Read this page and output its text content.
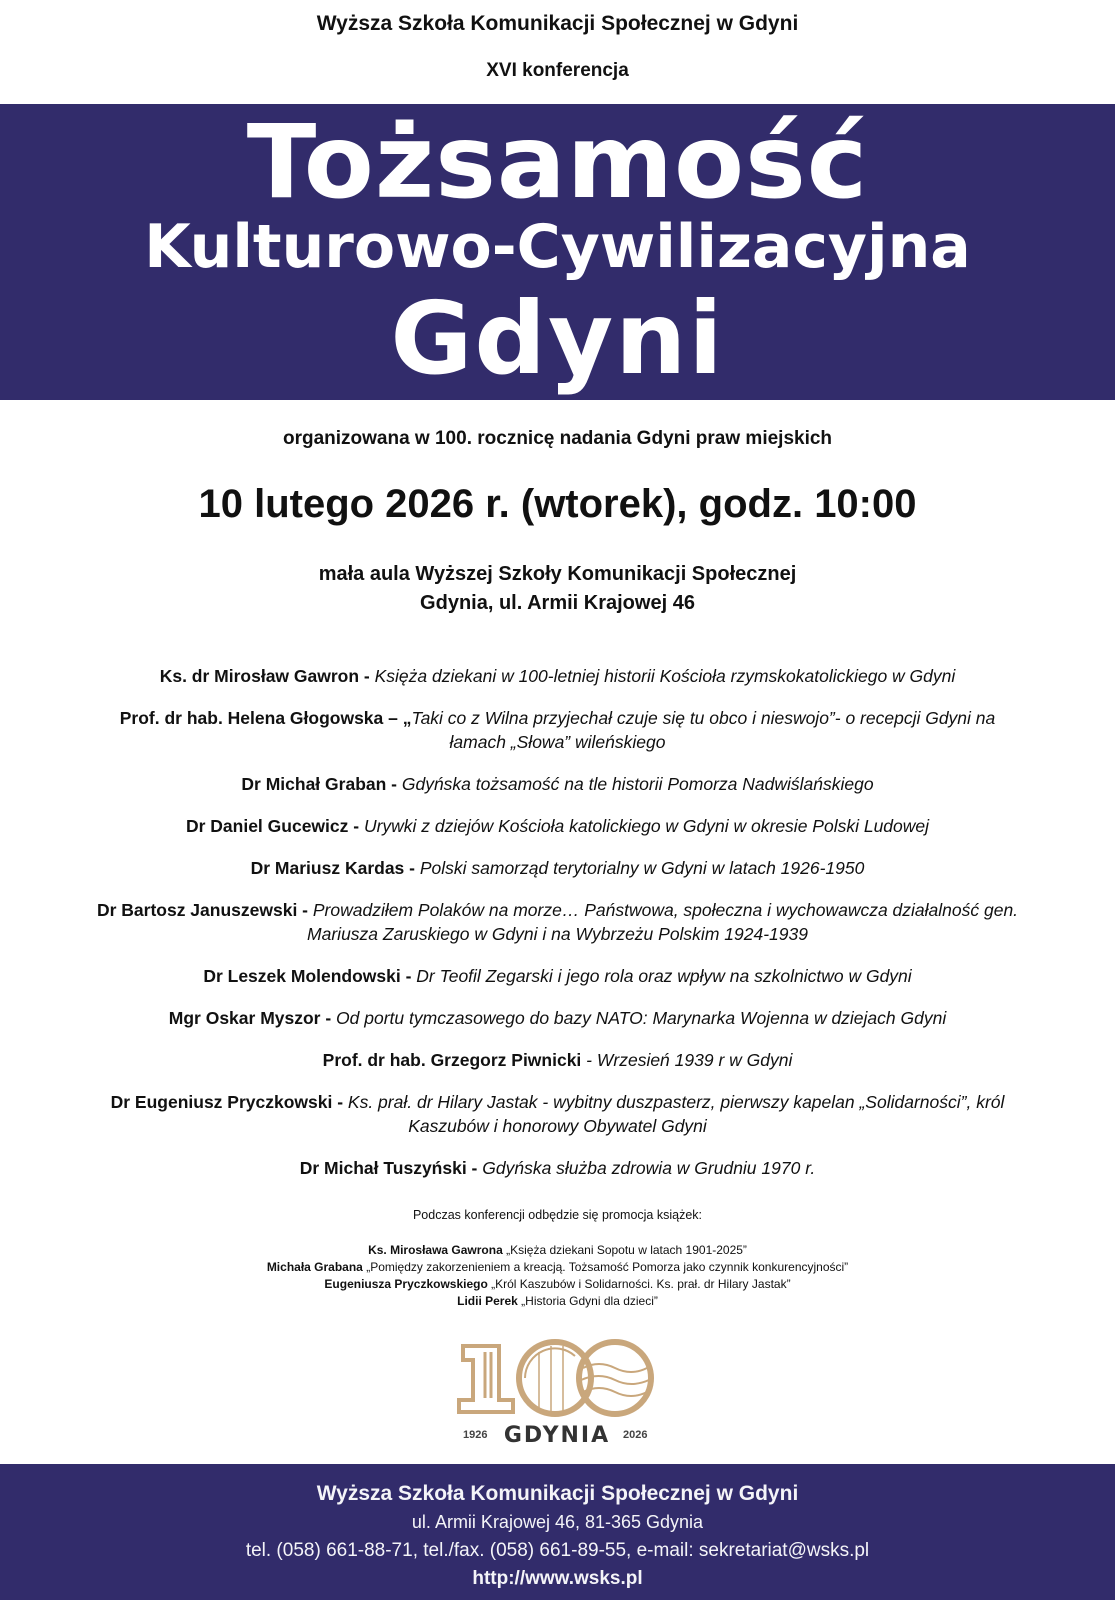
Wyższa Szkoła Komunikacji Społecznej w Gdyni
XVI konferencja
Tożsamość
Kulturowo-Cywilizacyjna
Gdyni
organizowana w 100. rocznicę nadania Gdyni praw miejskich
10 lutego 2026 r. (wtorek), godz. 10:00
mała aula Wyższej Szkoły Komunikacji Społecznej
Gdynia, ul. Armii Krajowej 46
Ks. dr Mirosław Gawron - Księża dziekani w 100-letniej historii Kościoła rzymskokatolickiego w Gdyni
Prof. dr hab. Helena Głogowska – „Taki co z Wilna przyjechał czuje się tu obco i nieswojo”- o recepcji Gdyni na łamach „Słowa” wileńskiego
Dr Michał Graban - Gdyńska tożsamość na tle historii Pomorza Nadwiślańskiego
Dr Daniel Gucewicz - Urywki z dziejów Kościoła katolickiego w Gdyni w okresie Polski Ludowej
Dr Mariusz Kardas - Polski samorząd terytorialny w Gdyni w latach 1926-1950
Dr Bartosz Januszewski - Prowadziłem Polaków na morze… Państwowa, społeczna i wychowawcza działalność gen. Mariusza Zaruskiego w Gdyni i na Wybrzeżu Polskim 1924-1939
Dr Leszek Molendowski - Dr Teofil Zegarski i jego rola oraz wpływ na szkolnictwo w Gdyni
Mgr Oskar Myszor - Od portu tymczasowego do bazy NATO: Marynarka Wojenna w dziejach Gdyni
Prof. dr hab. Grzegorz Piwnicki - Wrzesień 1939 r w Gdyni
Dr Eugeniusz Pryczkowski - Ks. prał. dr Hilary Jastak - wybitny duszpasterz, pierwszy kapelan „Solidarności”, król Kaszubów i honorowy Obywatel Gdyni
Dr Michał Tuszyński - Gdyńska służba zdrowia w Grudniu 1970 r.
Podczas konferencji odbędzie się promocja książek:
Ks. Mirosława Gawrona „Księża dziekani Sopotu w latach 1901-2025”
Michała Grabana „Pomiędzy zakorzenieniem a kreacją. Tożsamość Pomorza jako czynnik konkurencyjności”
Eugeniusza Pryczkowskiego „Król Kaszubów i Solidarności. Ks. prał. dr Hilary Jastak”
Lidii Perek „Historia Gdyni dla dzieci”
1926 GDYNIA 2026
Wyższa Szkoła Komunikacji Społecznej w Gdyni
ul. Armii Krajowej 46, 81-365 Gdynia
tel. (058) 661-88-71, tel./fax. (058) 661-89-55, e-mail: sekretariat@wsks.pl
http://www.wsks.pl
